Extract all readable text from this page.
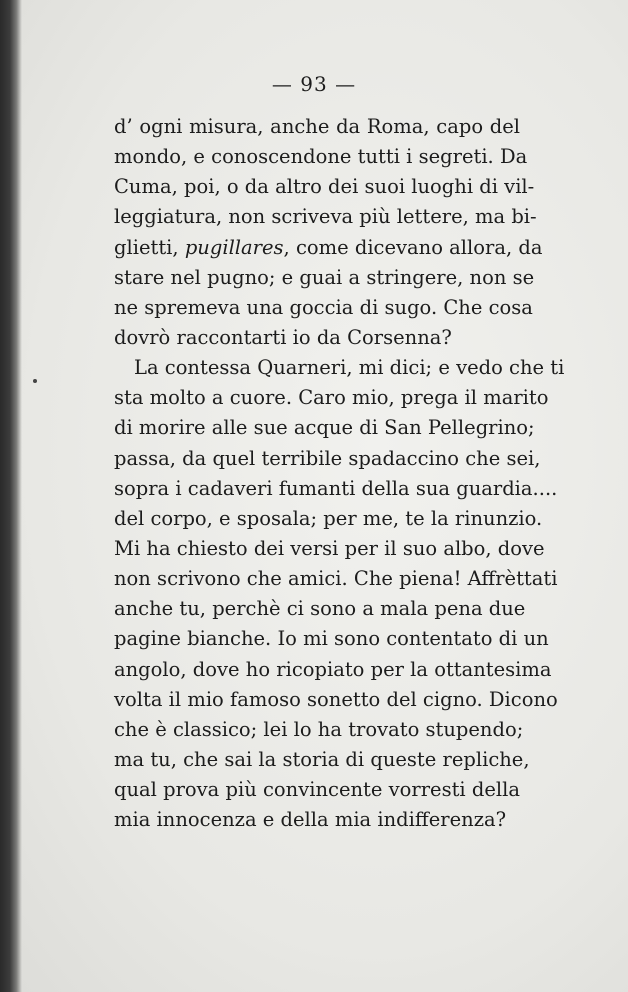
— 93 —
d’ ogni misura, anche da Roma, capo del
mondo, e conoscendone tutti i segreti. Da
Cuma, poi, o da altro dei suoi luoghi di vil-
leggiatura, non scriveva più lettere, ma bi-
glietti, pugillares, come dicevano allora, da
stare nel pugno; e guai a stringere, non se
ne spremeva una goccia di sugo. Che cosa
dovrò raccontarti io da Corsenna?
La contessa Quarneri, mi dici; e vedo che ti
sta molto a cuore. Caro mio, prega il marito
di morire alle sue acque di San Pellegrino;
passa, da quel terribile spadaccino che sei,
sopra i cadaveri fumanti della sua guardia....
del corpo, e sposala; per me, te la rinunzio.
Mi ha chiesto dei versi per il suo albo, dove
non scrivono che amici. Che piena! Affrèttati
anche tu, perchè ci sono a mala pena due
pagine bianche. Io mi sono contentato di un
angolo, dove ho ricopiato per la ottantesima
volta il mio famoso sonetto del cigno. Dicono
che è classico; lei lo ha trovato stupendo;
ma tu, che sai la storia di queste repliche,
qual prova più convincente vorresti della
mia innocenza e della mia indifferenza?
